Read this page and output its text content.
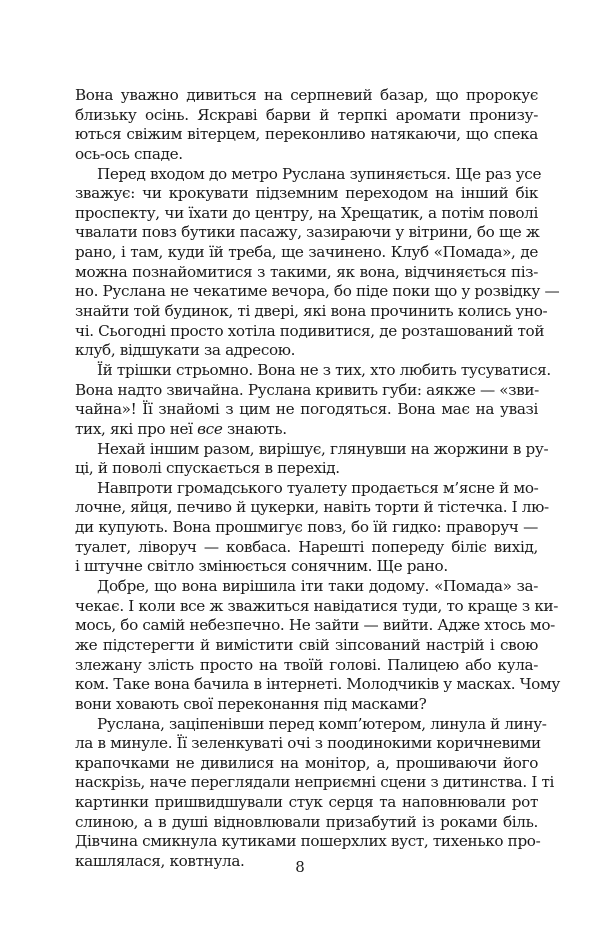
Вона уважно дивиться на серпневий базар, що пророкує
близьку осінь. Яскраві барви й терпкі аромати пронизу-
ються свіжим вітерцем, переконливо натякаючи, що спека
ось-ось спаде.

Перед входом до метро Руслана зупиняється. Ще раз усе
зважує: чи крокувати підземним переходом на інший бік
проспекту, чи їхати до центру, на Хрещатик, а потім поволі
чвалати повз бутики пасажу, зазираючи у вітрини, бо ще ж
рано, і там, куди їй треба, ще зачинено. Клуб «Помада», де
можна познайомитися з такими, як вона, відчиняється піз-
но. Руслана не чекатиме вечора, бо піде поки що у розвідку —
знайти той будинок, ті двері, які вона прочинить колись уно-
чі. Сьогодні просто хотіла подивитися, де розташований той
клуб, відшукати за адресою.

Їй трішки стрьомно. Вона не з тих, хто любить тусуватися.
Вона надто звичайна. Руслана кривить губи: аякже — «зви-
чайна»! Її знайомі з цим не погодяться. Вона має на увазі
тих, які про неї все знають.

Нехай іншим разом, вирішує, глянувши на жоржини в ру-
ці, й поволі спускається в перехід.

Навпроти громадського туалету продається м’ясне й мо-
лочне, яйця, печиво й цукерки, навіть торти й тістечка. І лю-
ди купують. Вона прошмигує повз, бо їй гидко: праворуч —
туалет, ліворуч — ковбаса. Нарешті попереду біліє вихід,
і штучне світло змінюється сонячним. Ще рано.

Добре, що вона вирішила іти таки додому. «Помада» за-
чекає. І коли все ж зважиться навідатися туди, то краще з ки-
мось, бо самій небезпечно. Не зайти — вийти. Адже хтось мо-
же підстерегти й вимістити свій зіпсований настрій і свою
злежану злість просто на твоїй голові. Палицею або кула-
ком. Таке вона бачила в інтернеті. Молодчиків у масках. Чому
вони ховають свої переконання під масками?

Руслана, заціпенівши перед комп’ютером, линула й лину-
ла в минуле. Її зеленкуваті очі з поодинокими коричневими
крапочками не дивилися на монітор, а, прошиваючи його
наскрізь, наче переглядали неприємні сцени з дитинства. І ті
картинки пришвидшували стук серця та наповнювали рот
слиною, а в душі відновлювали призабутий із роками біль.
Дівчина смикнула кутиками пошерхлих вуст, тихенько про-
кашлялася, ковтнула.	8
